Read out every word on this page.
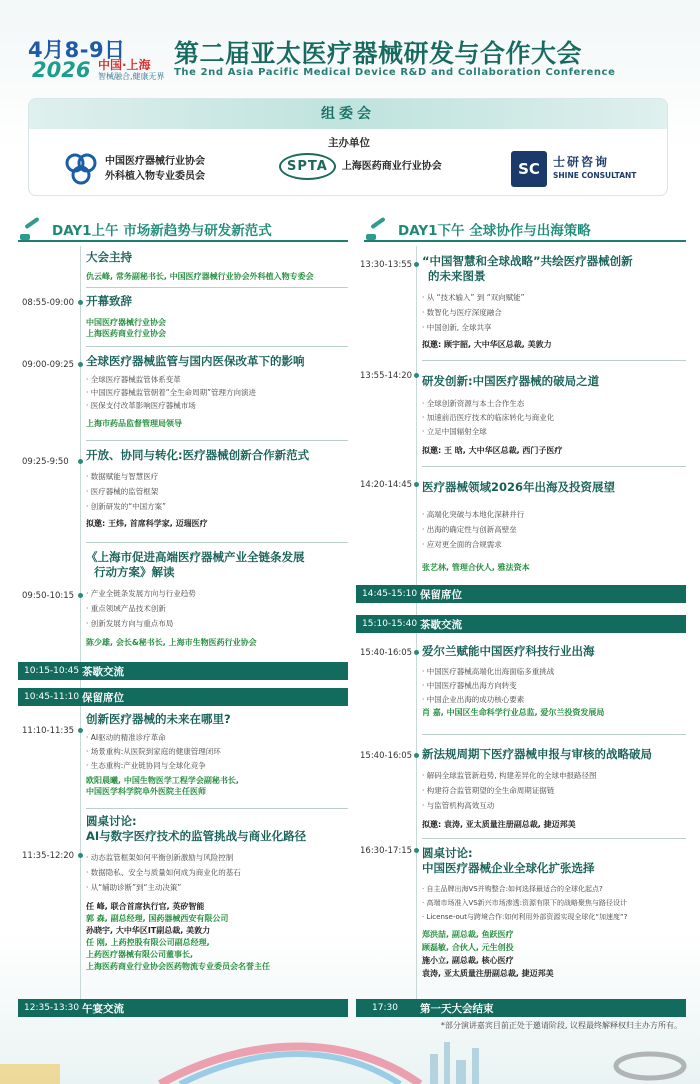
4月8-9日
2026 中国·上海
智械融合,健康无界
第二届亚太医疗器械研发与合作大会
The 2nd Asia Pacific Medical Device R&D and Collaboration Conference
组委会
主办单位
中国医疗器械行业协会
外科植入物专业委员会
SPTA	上海医药商业行业协会	SC	士研咨询
SHINE CONSULTANT
DAY1上午 市场新趋势与研发新范式	DAY1下午 全球协作与出海策略
大会主持
仇云峰, 常务副秘书长, 中国医疗器械行业协会外科植入物专委会
08:55-09:00 开幕致辞
中国医疗器械行业协会
上海医药商业行业协会
09:00-09:25 全球医疗器械监管与国内医保改革下的影响
· 全球医疗器械监管体系变革
· 中国医疗器械监管朝着“全生命周期”管理方向演进
· 医保支付改革影响医疗器械市场
上海市药品监督管理局领导
09:25-9:50 开放、协同与转化:医疗器械创新合作新范式
· 数据赋能与智慧医疗
· 医疗器械的监管框架
· 创新研发的“中国方案”
拟邀: 王炜, 首席科学家, 迈瑞医疗
09:50-10:15
《上海市促进高端医疗器械产业全链条发展
行动方案》解读
· 产业全链条发展方向与行业趋势
· 重点领域产品技术创新
· 创新发展方向与重点布局
陈少雄, 会长&秘书长, 上海市生物医药行业协会
10:15-10:45 茶歇交流
10:45-11:10 保留席位
11:10-11:35
创新医疗器械的未来在哪里?
· AI驱动的精准诊疗革命
· 场景重构:从医院到家庭的健康管理闭环
· 生态重构:产业链协同与全球化竞争
欧阳晨曦, 中国生物医学工程学会副秘书长,
中国医学科学院阜外医院主任医师
11:35-12:20
圆桌讨论:
AI与数字医疗技术的监管挑战与商业化路径
· 动态监管框架如何平衡创新激励与风险控制
· 数据隐私、安全与质量如何成为商业化的基石
· 从“辅助诊断”到“主动决策”
任 峰, 联合首席执行官, 英矽智能
郭 森, 副总经理, 国药器械西安有限公司
孙晓宇, 大中华区IT副总裁, 美敦力
任 刚, 上药控股有限公司副总经理,
上药医疗器械有限公司董事长,
上海医药商业行业协会医药物流专业委员会名誉主任
12:35-13:30 午宴交流
13:30-13:55 “中国智慧和全球战略”共绘医疗器械创新
的未来图景
· 从 “技术输入” 到 “双向赋能”
· 数智化与医疗深度融合
· 中国创新, 全球共享
拟邀: 顾宇韶, 大中华区总裁, 美敦力
13:55-14:20 研发创新:中国医疗器械的破局之道
· 全球创新资源与本土合作生态
· 加速前沿医疗技术的临床转化与商业化
· 立足中国辐射全球
拟邀: 王 晗, 大中华区总裁, 西门子医疗
14:20-14:45 医疗器械领域2026年出海及投资展望
· 高端化突破与本地化深耕并行
· 出海的确定性与创新高壁垒
· 应对更全面的合规需求
张艺林, 管理合伙人, 雅法资本
14:45-15:10 保留席位
15:10-15:40 茶歇交流
15:40-16:05 爱尔兰赋能中国医疗科技行业出海
· 中国医疗器械高端化出海面临多重挑战
· 中国医疗器械出海方向转变
· 中国企业出海的成功核心要素
肖 嘉, 中国区生命科学行业总监, 爱尔兰投资发展局
15:40-16:05 新法规周期下医疗器械申报与审核的战略破局
· 解码全球监管新趋势, 构建差异化的全球申报路径图
· 构建符合监管期望的全生命周期证据链
· 与监管机构高效互动
拟邀: 袁涛, 亚太质量注册副总裁, 捷迈邦美
16:30-17:15 圆桌讨论:
中国医疗器械企业全球化扩张选择
· 自主品牌出海VS并购整合:如何选择最适合的全球化起点?
· 高端市场准入VS新兴市场渗透:资源有限下的战略聚焦与路径设计
· License-out与跨境合作:如何利用外部资源实现全球化“加速度”?
郑洪喆, 副总裁, 鱼跃医疗
顾磊敏, 合伙人, 元生创投
施小立, 副总裁, 核心医疗
袁涛, 亚太质量注册副总裁, 捷迈邦美
17:30	第一天大会结束
*部分演讲嘉宾目前正处于邀请阶段, 议程最终解释权归主办方所有。
